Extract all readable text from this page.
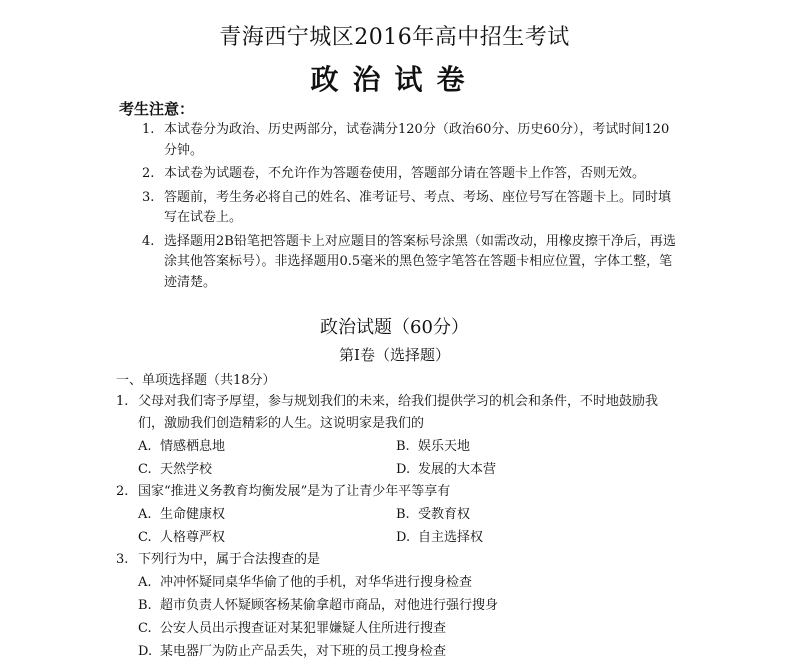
青海西宁城区2016年高中招生考试
政治试卷
考生注意：
1. 本试卷分为政治、历史两部分，试卷满分120分（政治60分、历史60分），考试时间120分钟。
2. 本试卷为试题卷，不允许作为答题卷使用，答题部分请在答题卡上作答，否则无效。
3. 答题前，考生务必将自己的姓名、准考证号、考点、考场、座位号写在答题卡上。同时填写在试卷上。
4. 选择题用2B铅笔把答题卡上对应题目的答案标号涂黑（如需改动，用橡皮擦干净后，再选涂其他答案标号）。非选择题用0.5毫米的黑色签字笔答在答题卡相应位置，字体工整，笔迹清楚。
政治试题（60分）
第Ⅰ卷（选择题）
一、单项选择题（共18分）
1. 父母对我们寄予厚望，参与规划我们的未来，给我们提供学习的机会和条件，不时地鼓励我们，激励我们创造精彩的人生。这说明家是我们的
A. 情感栖息地	B. 娱乐天地
C. 天然学校	D. 发展的大本营
2. 国家“推进义务教育均衡发展”是为了让青少年平等享有
A. 生命健康权	B. 受教育权
C. 人格尊严权	D. 自主选择权
3. 下列行为中，属于合法搜查的是
A. 冲冲怀疑同桌华华偷了他的手机，对华华进行搜身检查
B. 超市负责人怀疑顾客杨某偷拿超市商品，对他进行强行搜身
C. 公安人员出示搜查证对某犯罪嫌疑人住所进行搜查
D. 某电器厂为防止产品丢失，对下班的员工搜身检查
